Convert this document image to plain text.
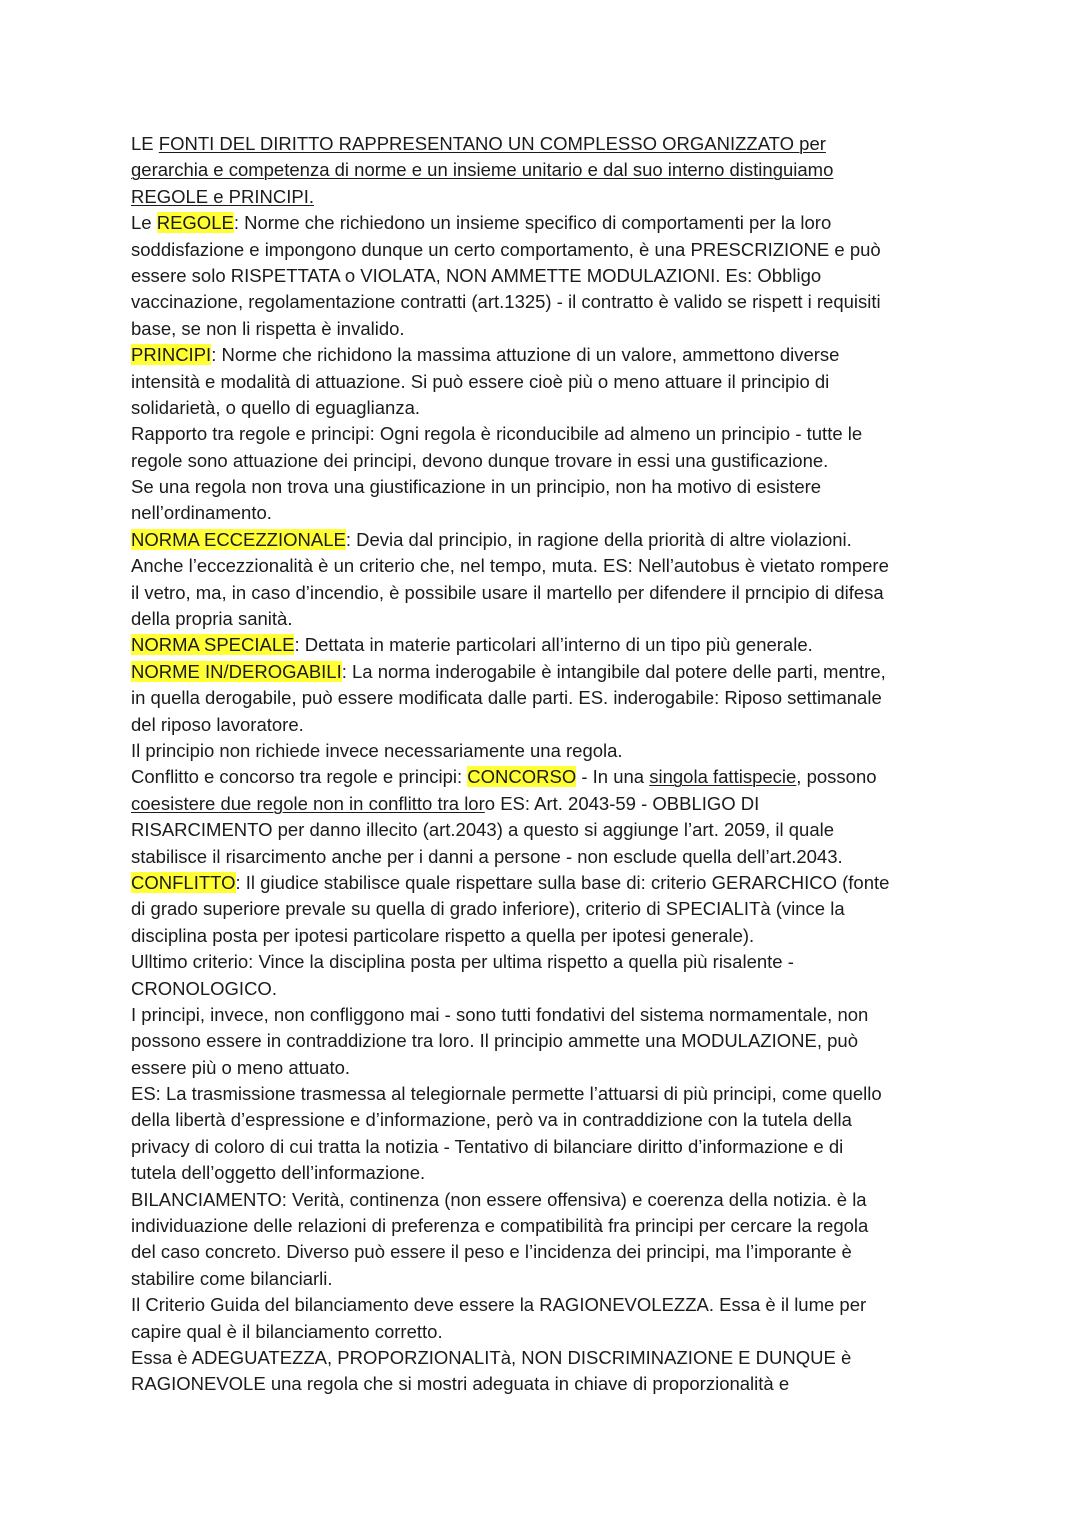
LE FONTI DEL DIRITTO RAPPRESENTANO UN COMPLESSO ORGANIZZATO per
gerarchia e competenza di norme e un insieme unitario e dal suo interno distinguiamo
REGOLE e PRINCIPI.
Le REGOLE: Norme che richiedono un insieme specifico di comportamenti per la loro
soddisfazione e impongono dunque un certo comportamento, è una PRESCRIZIONE e può
essere solo RISPETTATA o VIOLATA, NON AMMETTE MODULAZIONI. Es: Obbligo
vaccinazione, regolamentazione contratti (art.1325) - il contratto è valido se rispett i requisiti
base, se non li rispetta è invalido.
PRINCIPI: Norme che richidono la massima attuzione di un valore, ammettono diverse
intensità e modalità di attuazione. Si può essere cioè più o meno attuare il principio di
solidarietà, o quello di eguaglianza.
Rapporto tra regole e principi: Ogni regola è riconducibile ad almeno un principio - tutte le
regole sono attuazione dei principi, devono dunque trovare in essi una gustificazione.
Se una regola non trova una giustificazione in un principio, non ha motivo di esistere
nell’ordinamento.
NORMA ECCEZZIONALE: Devia dal principio, in ragione della priorità di altre violazioni.
Anche l’eccezzionalità è un criterio che, nel tempo, muta. ES: Nell’autobus è vietato rompere
il vetro, ma, in caso d’incendio, è possibile usare il martello per difendere il prncipio di difesa
della propria sanità.
NORMA SPECIALE: Dettata in materie particolari all’interno di un tipo più generale.
NORME IN/DEROGABILI: La norma inderogabile è intangibile dal potere delle parti, mentre,
in quella derogabile, può essere modificata dalle parti. ES. inderogabile: Riposo settimanale
del riposo lavoratore.
Il principio non richiede invece necessariamente una regola.
Conflitto e concorso tra regole e principi: CONCORSO - In una singola fattispecie, possono
coesistere due regole non in conflitto tra loro ES: Art. 2043-59 - OBBLIGO DI
RISARCIMENTO per danno illecito (art.2043) a questo si aggiunge l’art. 2059, il quale
stabilisce il risarcimento anche per i danni a persone - non esclude quella dell’art.2043.
CONFLITTO: Il giudice stabilisce quale rispettare sulla base di: criterio GERARCHICO (fonte
di grado superiore prevale su quella di grado inferiore), criterio di SPECIALITà (vince la
disciplina posta per ipotesi particolare rispetto a quella per ipotesi generale).
Ulltimo criterio: Vince la disciplina posta per ultima rispetto a quella più risalente -
CRONOLOGICO.
I principi, invece, non confliggono mai - sono tutti fondativi del sistema normamentale, non
possono essere in contraddizione tra loro. Il principio ammette una MODULAZIONE, può
essere più o meno attuato.
ES: La trasmissione trasmessa al telegiornale permette l’attuarsi di più principi, come quello
della libertà d’espressione e d’informazione, però va in contraddizione con la tutela della
privacy di coloro di cui tratta la notizia - Tentativo di bilanciare diritto d’informazione e di
tutela dell’oggetto dell’informazione.
BILANCIAMENTO: Verità, continenza (non essere offensiva) e coerenza della notizia. è la
individuazione delle relazioni di preferenza e compatibilità fra principi per cercare la regola
del caso concreto. Diverso può essere il peso e l’incidenza dei principi, ma l’imporante è
stabilire come bilanciarli.
Il Criterio Guida del bilanciamento deve essere la RAGIONEVOLEZZA. Essa è il lume per
capire qual è il bilanciamento corretto.
Essa è ADEGUATEZZA, PROPORZIONALITà, NON DISCRIMINAZIONE E DUNQUE è
RAGIONEVOLE una regola che si mostri adeguata in chiave di proporzionalità e
